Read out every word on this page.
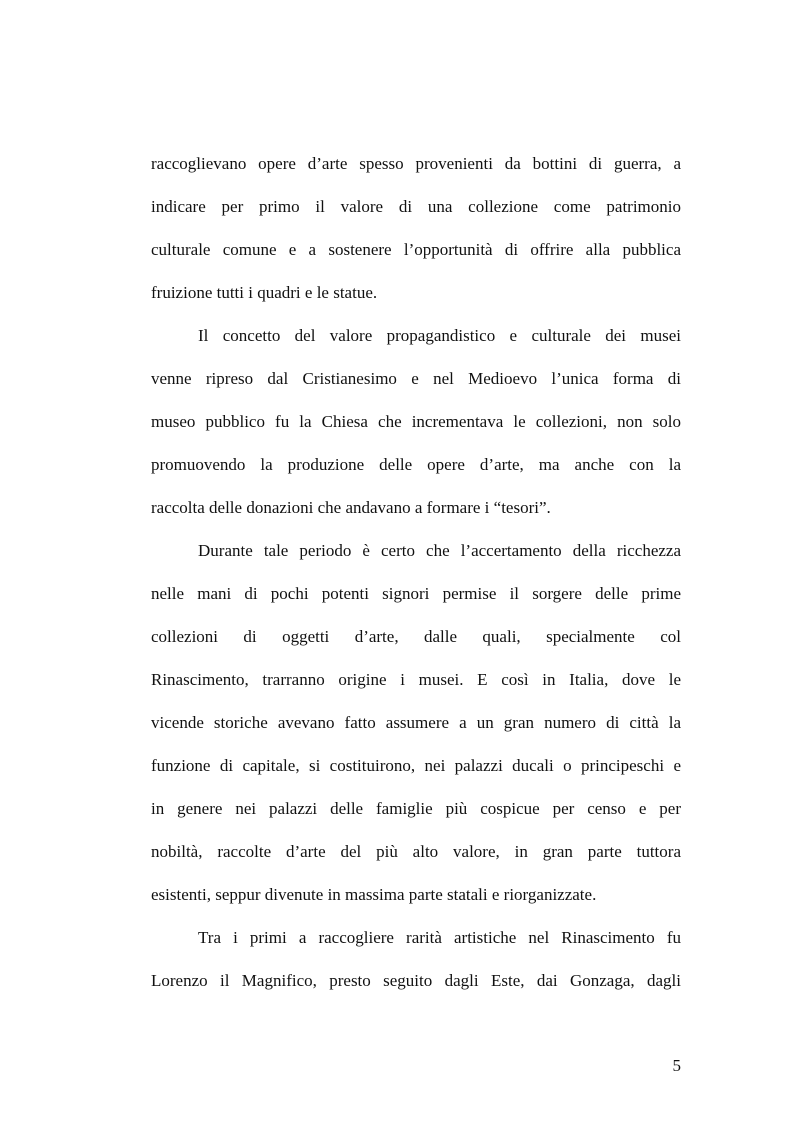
raccoglievano opere d’arte spesso provenienti da bottini di guerra, a
indicare per primo il valore di una collezione come patrimonio
culturale comune e a sostenere l’opportunità di offrire alla pubblica
fruizione tutti i quadri e le statue.
Il concetto del valore propagandistico e culturale dei musei
venne ripreso dal Cristianesimo e nel Medioevo l’unica forma di
museo pubblico fu la Chiesa che incrementava le collezioni, non solo
promuovendo la produzione delle opere d’arte, ma anche con la
raccolta delle donazioni che andavano a formare i “tesori”.
Durante tale periodo è certo che l’accertamento della ricchezza
nelle mani di pochi potenti signori permise il sorgere delle prime
collezioni di oggetti d’arte, dalle quali, specialmente col
Rinascimento, trarranno origine i musei. E così in Italia, dove le
vicende storiche avevano fatto assumere a un gran numero di città la
funzione di capitale, si costituirono, nei palazzi ducali o principeschi e
in genere nei palazzi delle famiglie più cospicue per censo e per
nobiltà, raccolte d’arte del più alto valore, in gran parte tuttora
esistenti, seppur divenute in massima parte statali e riorganizzate.
Tra i primi a raccogliere rarità artistiche nel Rinascimento fu
Lorenzo il Magnifico, presto seguito dagli Este, dai Gonzaga, dagli
5
